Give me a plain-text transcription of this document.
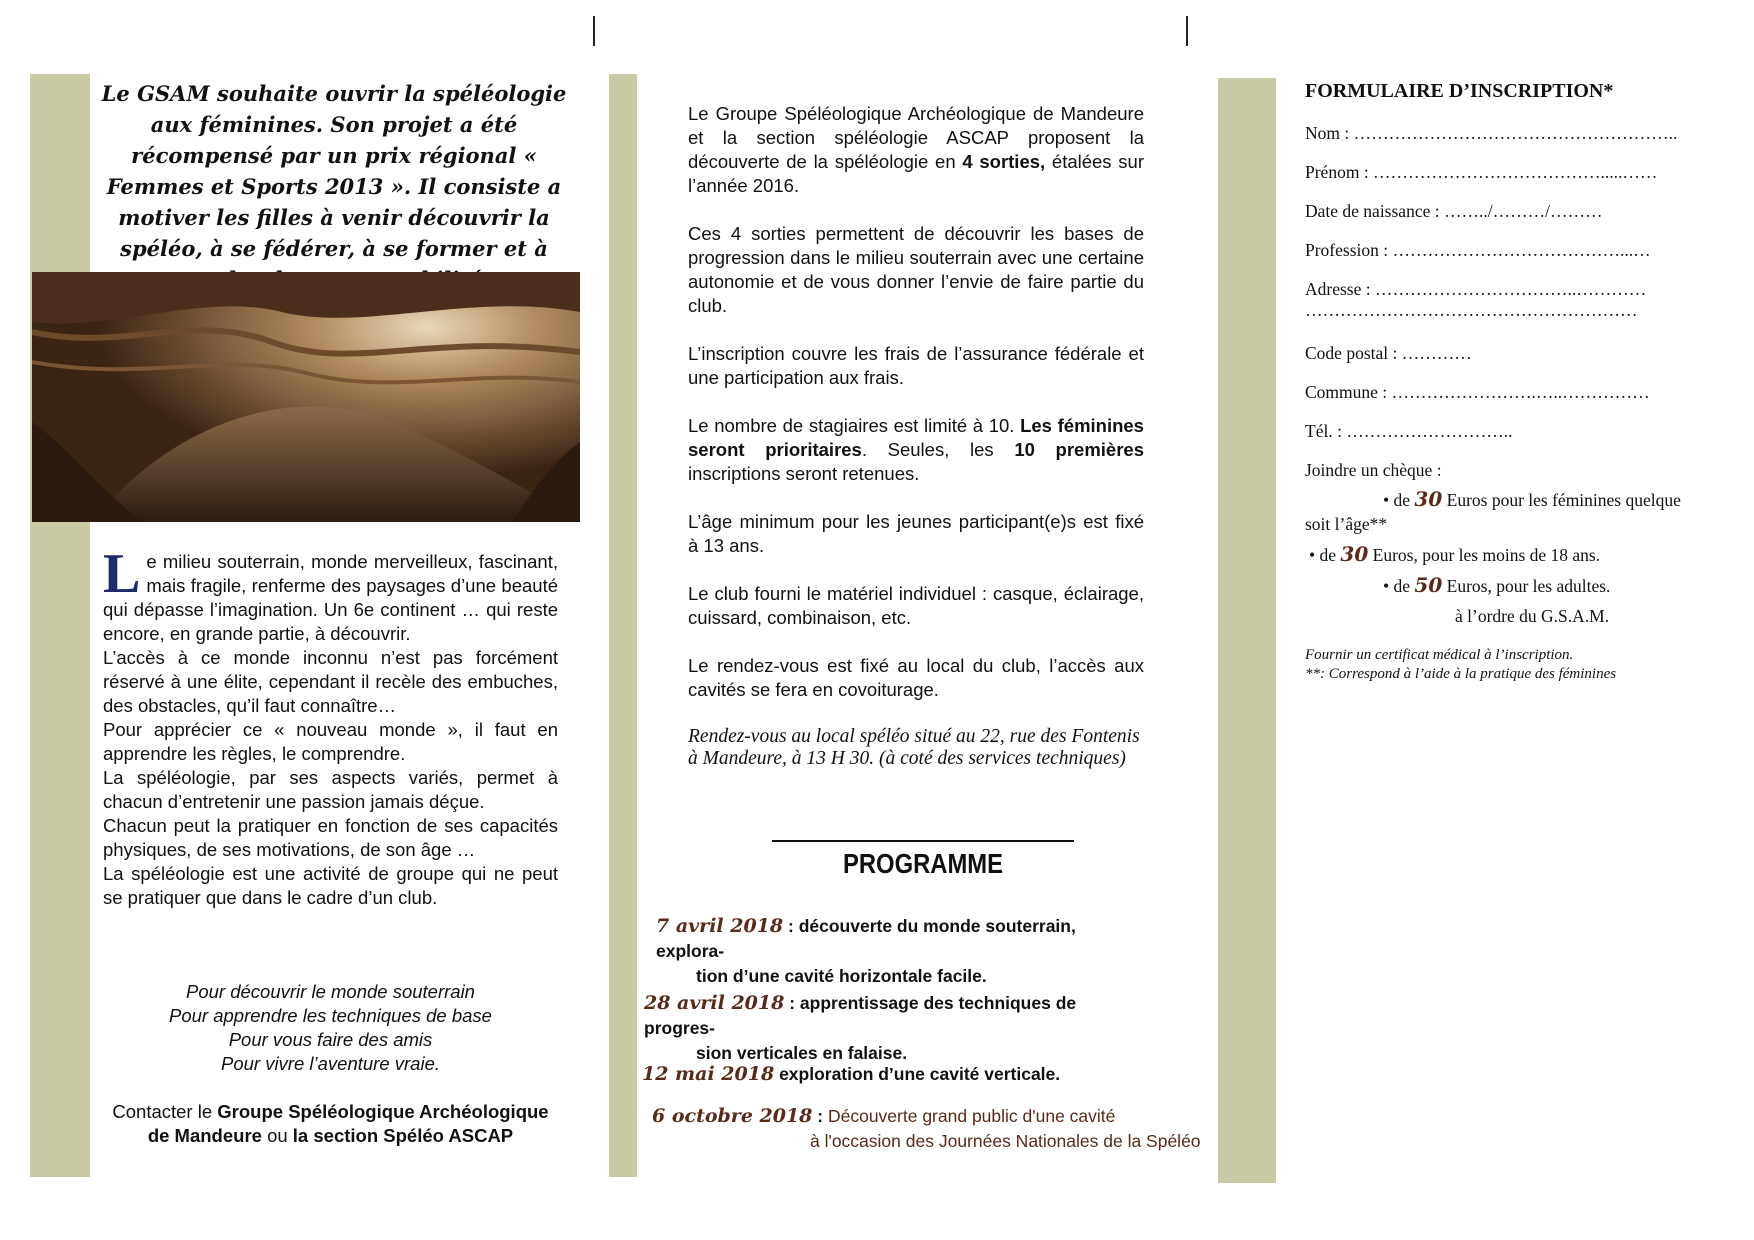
Le GSAM souhaite ouvrir la spéléologie aux féminines. Son projet a été récompensé par un prix régional « Femmes et Sports 2013 ». Il consiste a motiver les filles à venir découvrir la spéléo, à se fédérer, à se former et à

Le milieu souterrain, monde merveilleux, fascinant, mais fragile, renferme des paysages d’une beauté qui dépasse l’imagination. Un 6e continent … qui reste encore, en grande partie, à découvrir.

L’accès à ce monde inconnu n’est pas forcément réservé à une élite, cependant il recèle des embuches, des obstacles, qu’il faut connaître…

Pour apprécier ce « nouveau monde », il faut en apprendre les règles, le comprendre.

La spéléologie, par ses aspects variés, permet à chacun d’entretenir une passion jamais déçue.

Chacun peut la pratiquer en fonction de ses capacités physiques, de ses motivations, de son âge …

La spéléologie est une activité de groupe qui ne peut se pratiquer que dans le cadre d’un club.

Pour découvrir le monde souterrain
Pour apprendre les techniques de base
Pour vous faire des amis
Pour vivre l’aventure vraie.
Contacter le Groupe Spéléologique Archéologique de Mandeure ou la section Spéléo ASCAP

Le Groupe Spéléologique Archéologique de Mandeure et la section spéléologie ASCAP proposent la découverte de la spéléologie en 4 sorties, étalées sur l’année 2016.

Ces 4 sorties permettent de découvrir les bases de progression dans le milieu souterrain avec une certaine autonomie et de vous donner l’envie de faire partie du club.

L’inscription couvre les frais de l’assurance fédérale et une participation aux frais.

Le nombre de stagiaires est limité à 10. Les féminines seront prioritaires. Seules, les 10 premières inscriptions seront retenues.

L’âge minimum pour les jeunes participant(e)s est fixé à 13 ans.

Le club fourni le matériel individuel : casque, éclairage, cuissard, combinaison, etc.

Le rendez-vous est fixé au local du club, l’accès aux cavités se fera en covoiturage.

Rendez-vous au local spéléo situé au 22, rue des Fontenis à Mandeure, à 13 H 30. (à coté des services techniques)

PROGRAMME
7 avril 2018 : découverte du monde souterrain, explora-
tion d’une cavité horizontale facile.
28 avril 2018 : apprentissage des techniques de progres-
sion verticales en falaise.
12 mai 2018 exploration d’une cavité verticale.
6 octobre 2018 : Découverte grand public d'une cavité
à l'occasion des Journées Nationales de la Spéléo
FORMULAIRE D’INSCRIPTION*
Nom : ………………………………………………..
Prénom : ………………………………….....……
Date de naissance : ……../………/………
Profession : …………………………………...…
Adresse : ……………………………..…………
…………………………………………………
Code postal : …………
Commune : …………………….…..……………
Tél. : ………………………..
Joindre un chèque :
• de 30 Euros pour les féminines quelque
soit l’âge**
• de 30 Euros, pour les moins de 18 ans.
• de 50 Euros, pour les adultes.
à l’ordre du G.S.A.M.
Fournir un certificat médical à l’inscription.
**: Correspond à l’aide à la pratique des féminines
